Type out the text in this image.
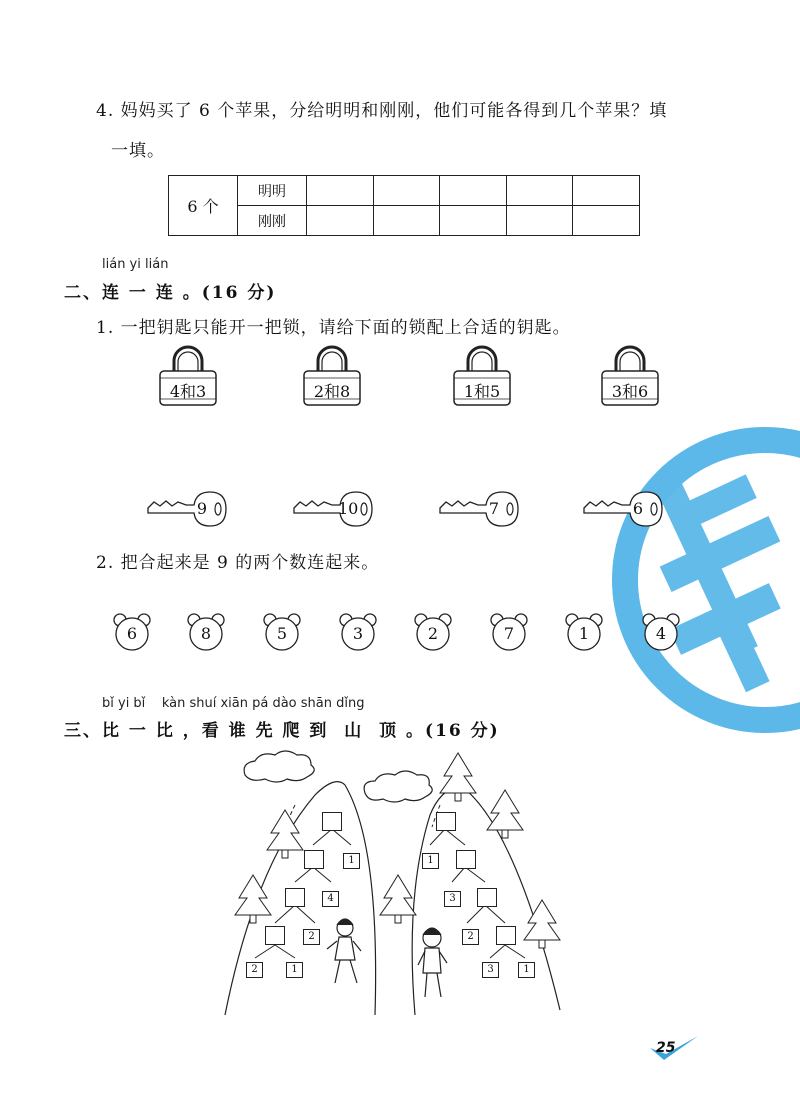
4. 妈妈买了 6 个苹果，分给明明和刚刚，他们可能各得到几个苹果？填
一填。
6 个	明明					
	刚刚					
lián yi lián
二、连 一 连 。(16 分)
1. 一把钥匙只能开一把锁，请给下面的锁配上合适的钥匙。
4和3	2和8	1和5	3和6
9	10	7	6
2. 把合起来是 9 的两个数连起来。
6	8	5	3	2	7	1	4
bǐ yi bǐ    kàn shuí xiān pá dào shān dǐng
三、比 一 比 ，看 谁 先 爬 到  山  顶 。(16 分)
1
4
2
2	1
1
3
2
3	1
25
